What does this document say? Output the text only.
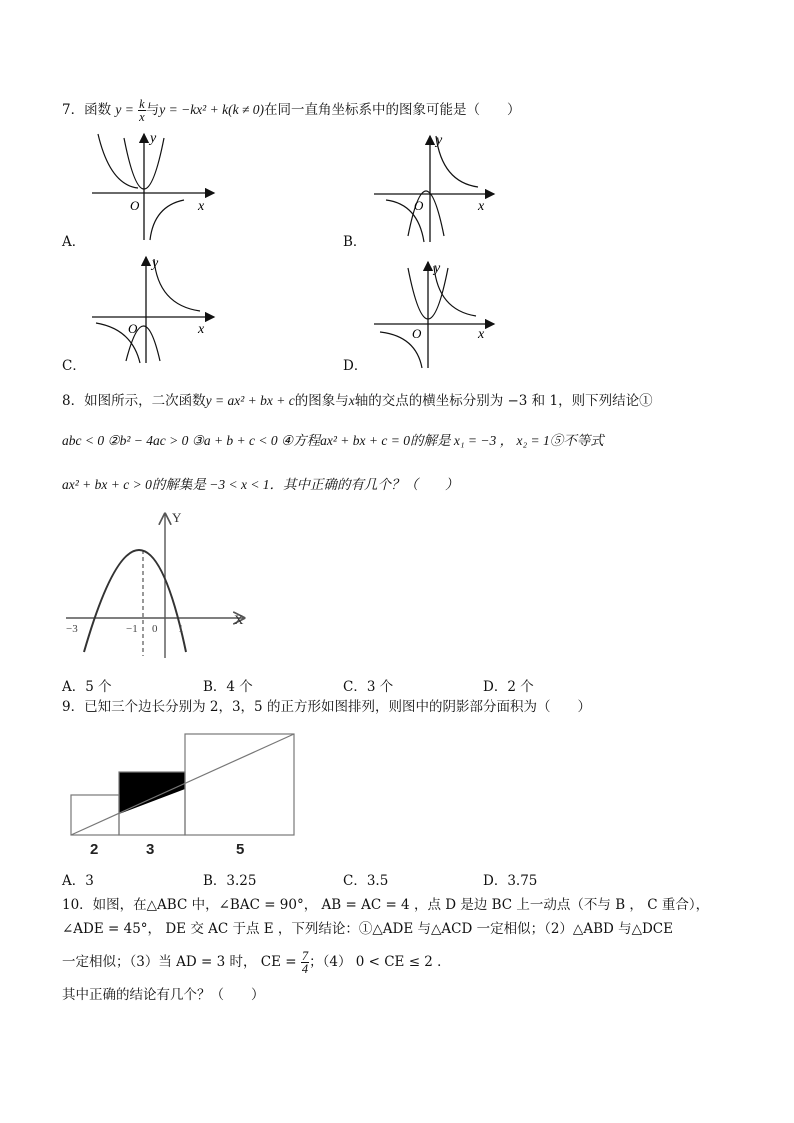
7．函数 $y = \frac{k}{x}$ 与y = −kx² + k(k ≠ 0)在同一直角坐标系中的图象可能是（　　）
y
x
O
A．
y
x
O
B．
y
x
O
C．
y
x
O
D．
8．如图所示，二次函数y = ax² + bx + c的图象与x轴的交点的横坐标分别为 −3 和 1，则下列结论①
abc < 0 ②b² − 4ac > 0 ③a + b + c < 0 ④方程ax² + bx + c = 0的解是 x₁ = −3 ， x₂ = 1⑤不等式
ax² + bx + c > 0的解集是 −3 < x < 1．其中正确的有几个？（　　）
Y
X
−3	−1 0 1
A．5 个	B．4 个	C．3 个	D．2 个
9．已知三个边长分别为 2，3，5 的正方形如图排列，则图中的阴影部分面积为（　　）
2	3	5
A．3	B．3.25	C．3.5	D．3.75
10．如图，在△ABC 中，∠BAC = 90°， AB = AC = 4 ，点 D 是边 BC 上一动点（不与 B ， C 重合），
∠ADE = 45°， DE 交 AC 于点 E ，下列结论：①△ADE 与△ACD 一定相似；（2）△ABD 与△DCE
一定相似；（3）当 AD = 3 时， CE = $\frac{7}{4}$ ；（4） 0 < CE ≤ 2 ．
其中正确的结论有几个？（　　）
